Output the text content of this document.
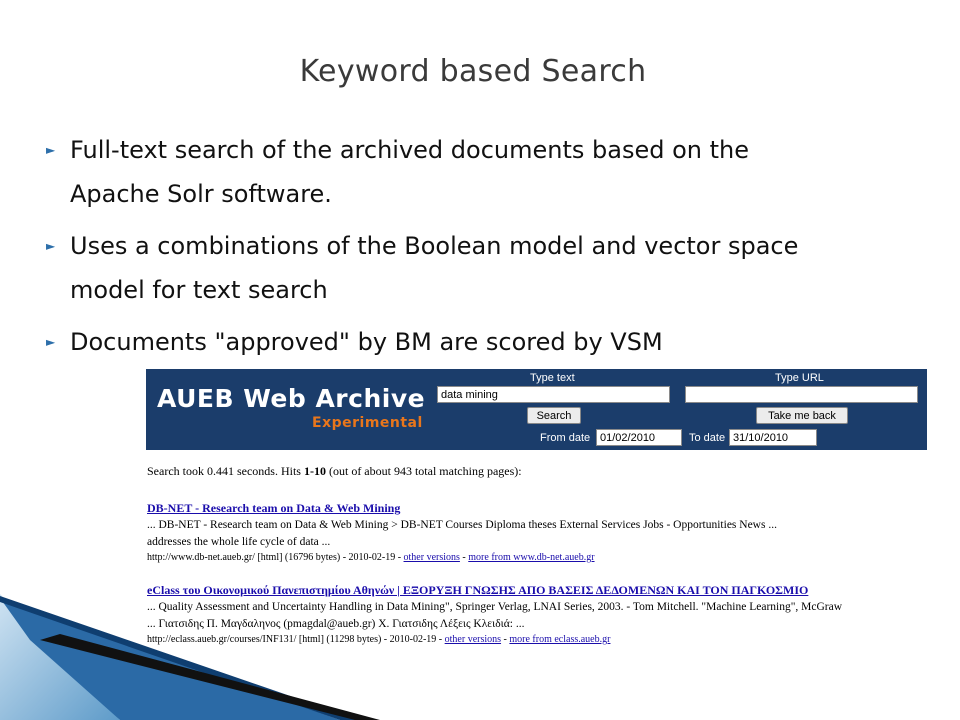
Keyword based Search
► Full-text search of the archived documents based on the
Apache Solr software.
► Uses a combinations of the Boolean model and vector space
model for text search
► Documents "approved" by BM are scored by VSM
AUEB Web Archive
Experimental
Type text
data mining
Search
Type URL
Take me back
From date
01/02/2010	To date
31/10/2010
Search took 0.441 seconds. Hits 1-10 (out of about 943 total matching pages):
DB-NET - Research team on Data & Web Mining
... DB-NET - Research team on Data & Web Mining > DB-NET Courses Diploma theses External Services Jobs - Opportunities News ...
addresses the whole life cycle of data ...
http://www.db-net.aueb.gr/ [html] (16796 bytes) - 2010-02-19 - other versions - more from www.db-net.aueb.gr
eClass του Οικονομικού Πανεπιστημίου Αθηνών | ΕΞΟΡΥΞΗ ΓΝΩΣΗΣ ΑΠΟ ΒΑΣΕΙΣ ΔΕΔΟΜΕΝΩΝ ΚΑΙ ΤΟΝ ΠΑΓΚΟΣΜΙΟ
... Quality Assessment and Uncertainty Handling in Data Mining", Springer Verlag, LNAI Series, 2003. - Tom Mitchell. "Machine Learning", McGraw
... Γιατσιδης Π. Μαγδαληνος (pmagdal@aueb.gr) Χ. Γιατσιδης Λέξεις Κλειδιά: ...
http://eclass.aueb.gr/courses/INF131/ [html] (11298 bytes) - 2010-02-19 - other versions - more from eclass.aueb.gr
